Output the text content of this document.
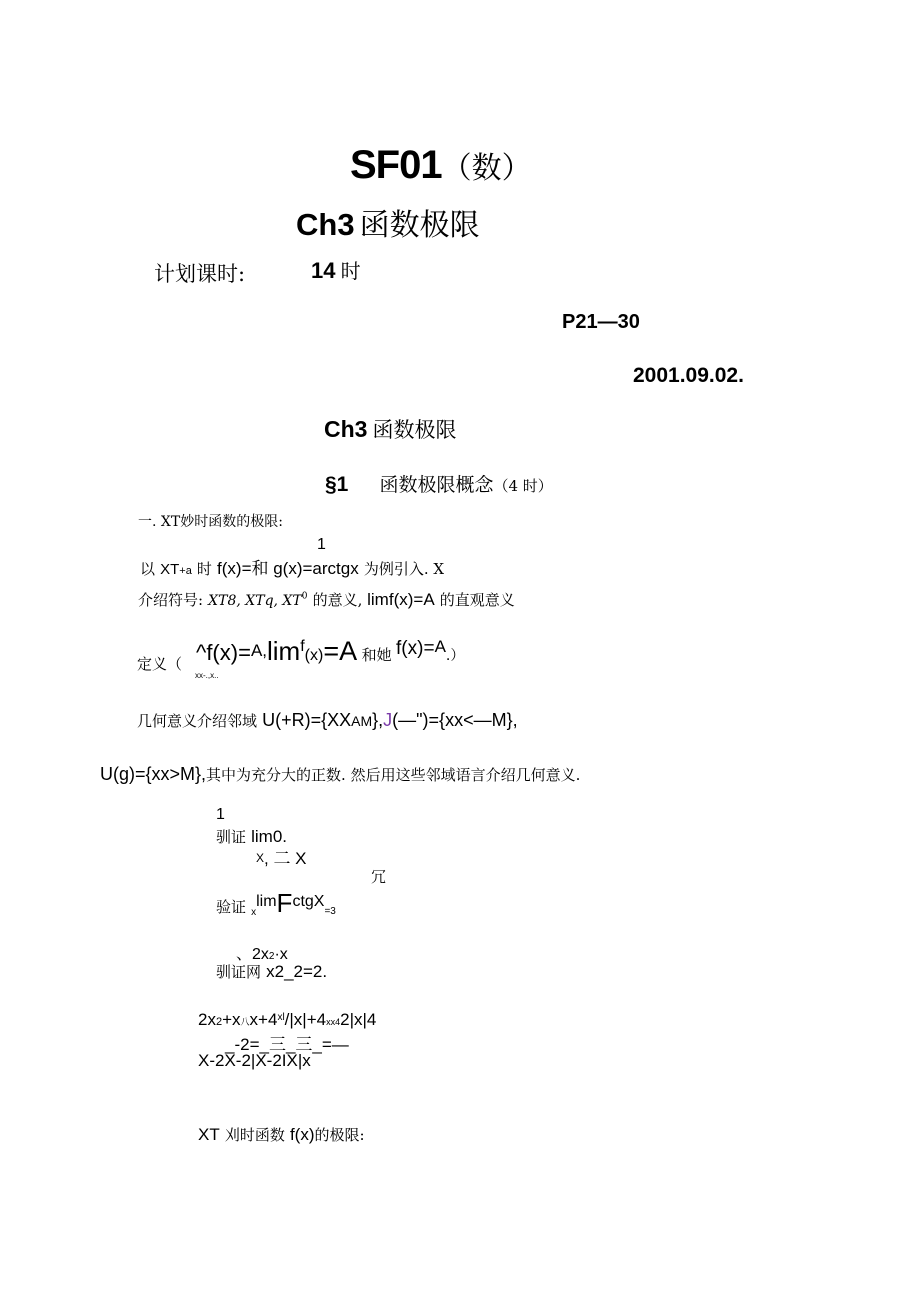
SF01（数）
Ch3 函数极限
计划课时:	14 时
P21—30
2001.09.02.
Ch3 函数极限
§1 函数极限概念（4 时）
一. XT妙时函数的极限:
1
以 XT+a 时 f(x)=和 g(x)=arctgx 为例引入. X
介绍符号: XT8, XTq, $XT^0$ 的意义, limf(x)=A 的直观意义
定义（
xx-.,x..
^f(x)=A,limf(x)=A 和她 f(x)=A.）
几何意义介绍邻域 U(+R)={XXAM},J(—")={xx<—M},
U(g)={xx>M},其中为充分大的正数. 然后用这些邻域语言介绍几何意义.
1
驯证 lim0.
X, 二 X
冗
验证 xlimFctgX=3
、2x2·x
驯证网 x2_2=2.
2x2+x八$x+4^{xl}/|x|+4xx42|x|4$
_-2=_三_三_=—
X-2X-2|X-2IX|x
XT 刈时函数 f(x)的极限:
